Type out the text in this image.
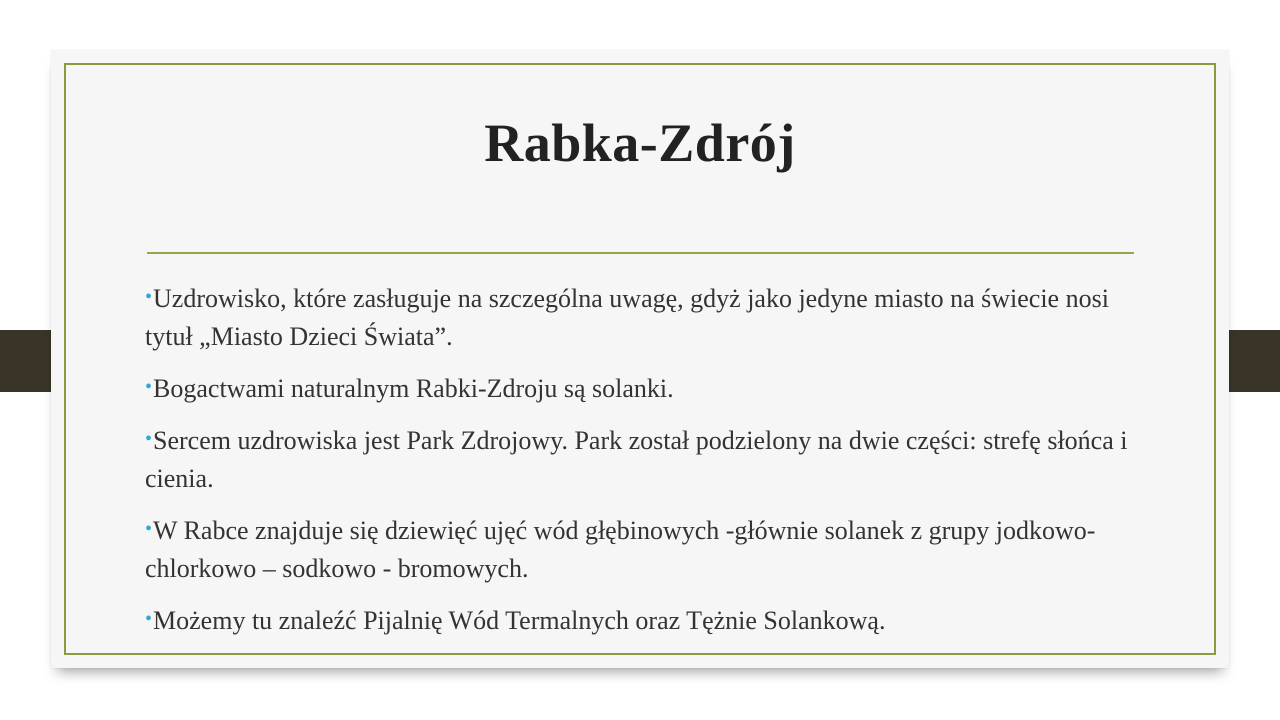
Rabka-Zdrój
•Uzdrowisko, które zasługuje na szczególna uwagę, gdyż jako jedyne miasto na świecie nosi tytuł „Miasto Dzieci Świata”.
•Bogactwami naturalnym Rabki-Zdroju są solanki.
•Sercem uzdrowiska jest Park Zdrojowy. Park został podzielony na dwie części: strefę słońca i cienia.
•W Rabce znajduje się dziewięć ujęć wód głębinowych -głównie solanek z grupy jodkowo- chlorkowo – sodkowo - bromowych.
•Możemy tu znaleźć Pijalnię Wód Termalnych oraz Tężnie Solankową.
